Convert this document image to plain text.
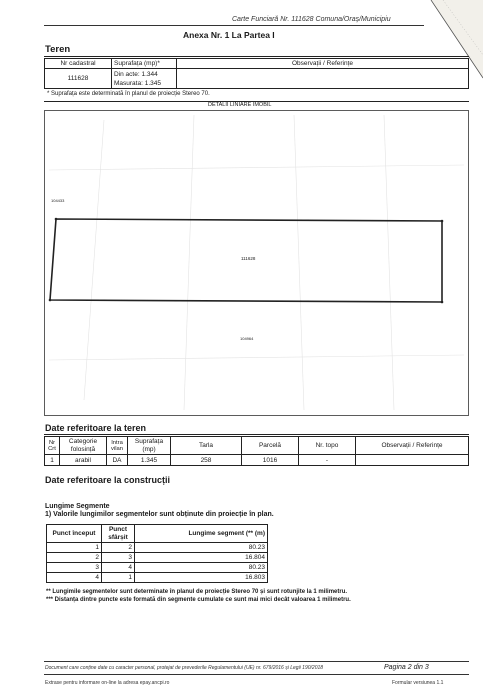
Carte Funciară Nr. 111628 Comuna/Oraș/Municipiu
Anexa Nr. 1 La Partea I
Teren
Nr cadastral	Suprafața (mp)*	Observații / Referințe
111628	Din acte: 1.344
Masurata: 1.345	

* Suprafața este determinată în planul de proiecție Stereo 70.
DETALII LINIARE IMOBIL
111628
104433
104964
Date referitoare la teren
Nr Crt	Categorie folosință	Intra vilan	Suprafața (mp)	Tarla	Parcelă	Nr. topo	Observații / Referințe
1	arabil	DA	1.345	258	1016	-	
Date referitoare la construcții
Lungime Segmente
1) Valorile lungimilor segmentelor sunt obținute din proiecție în plan.
Punct început	Punct sfârșit	Lungime segment (** (m)
1	2	80.23
2	3	16.804
3	4	80.23
4	1	16.803
** Lungimile segmentelor sunt determinate în planul de proiecție Stereo 70 și sunt rotunjite la 1 milimetru.
*** Distanța dintre puncte este formată din segmente cumulate ce sunt mai mici decât valoarea 1 milimetru.
Document care conține date cu caracter personal, protejat de prevederile Regulamentului (UE) nr. 679/2016 și Legii 190/2018	Pagina 2 din 3
Extrase pentru informare on-line la adresa epay.ancpi.ro	Formular versiunea 1.1
